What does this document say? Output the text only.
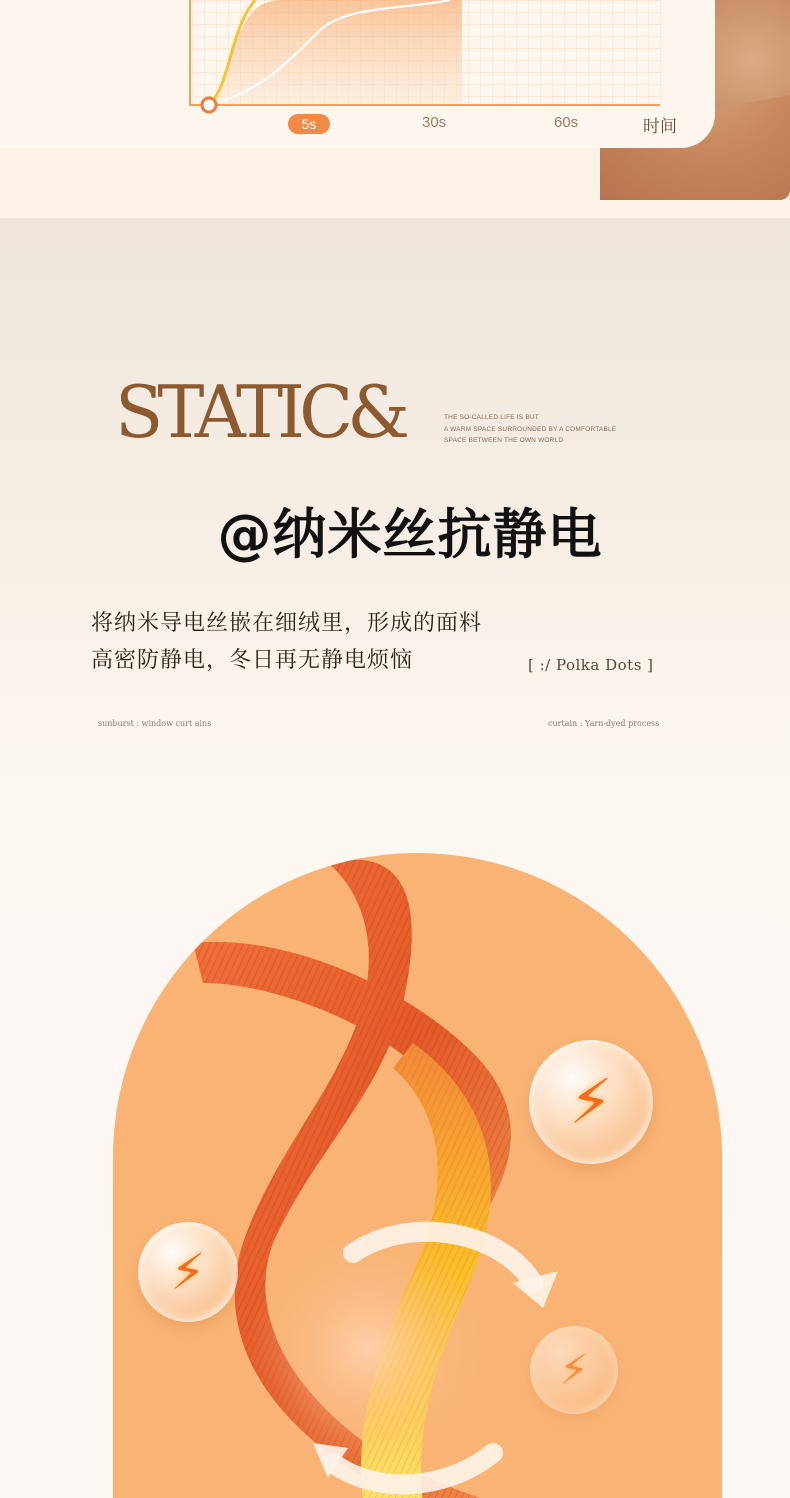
5s	30s	60s	时间
STATIC&	THE SO-CALLED LIFE IS BUT
A WARM SPACE SURROUNDED BY A COMFORTABLE
SPACE BETWEEN THE OWN WORLD
@纳米丝抗静电
将纳米导电丝嵌在细绒里，形成的面料
高密防静电，冬日再无静电烦恼	[ :/ Polka Dots ]
sunburst : window curt ains	curtain : Yarn-dyed process
⚡
⚡
⚡
